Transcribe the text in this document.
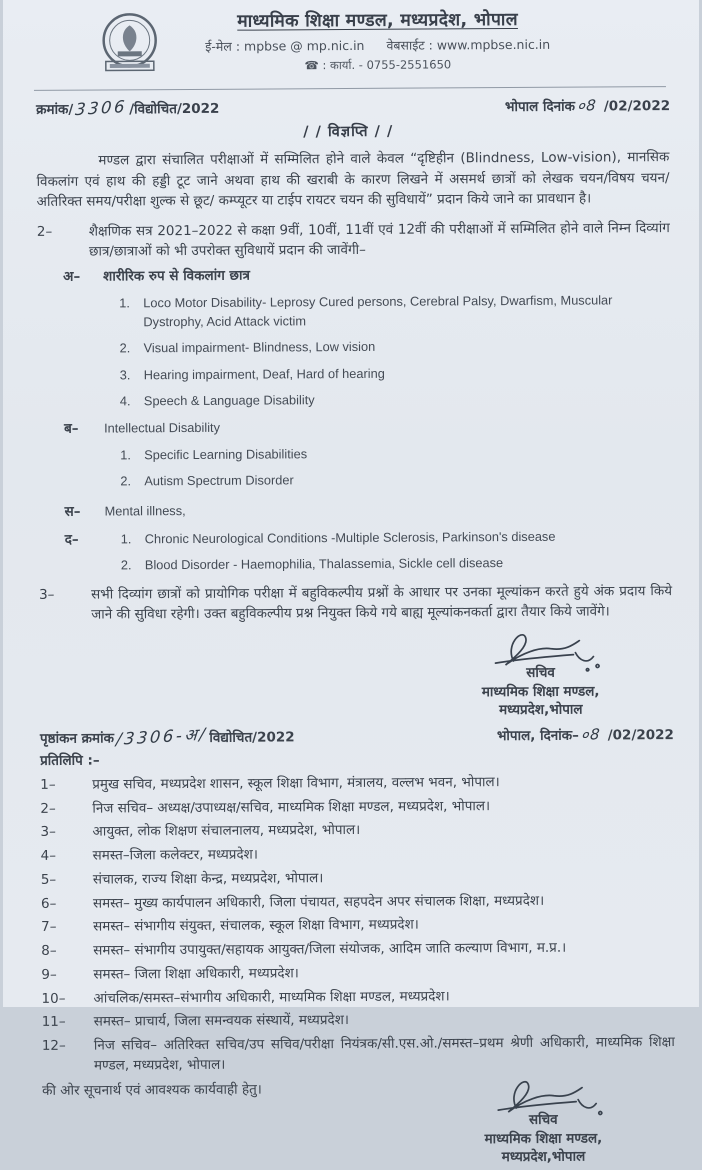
माध्यमिक शिक्षा मण्डल, मध्यप्रदेश, भोपाल
ई-मेल : mpbse @ mp.nic.in वेबसाईट : www.mpbse.nic.in
☎ : कार्या. - 0755-2551650
क्रमांक/3306/विद्योचित/2022	भोपाल दिनांक०8 /02/2022
/ / विज्ञप्ति / /
मण्डल द्वारा संचालित परीक्षाओं में सम्मिलित होने वाले केवल “दृष्टिहीन (Blindness, Low-vision), मानसिक विकलांग एवं हाथ की हड्डी टूट जाने अथवा हाथ की खराबी के कारण लिखने में असमर्थ छात्रों को लेखक चयन/विषय चयन/अतिरिक्त समय/परीक्षा शुल्क से छूट/ कम्प्यूटर या टाईप रायटर चयन की सुविधायें” प्रदान किये जाने का प्रावधान है।
2–	शैक्षणिक सत्र 2021–2022 से कक्षा 9वीं, 10वीं, 11वीं एवं 12वीं की परीक्षाओं में सम्मिलित होने वाले निम्न दिव्यांग छात्र/छात्राओं को भी उपरोक्त सुविधायें प्रदान की जावेंगी–
अ–	शारीरिक रुप से विकलांग छात्र
1.	Loco Motor Disability- Leprosy Cured persons, Cerebral Palsy, Dwarfism, Muscular Dystrophy, Acid Attack victim
2.	Visual impairment- Blindness, Low vision
3.	Hearing impairment, Deaf, Hard of hearing
4.	Speech & Language Disability
ब–	Intellectual Disability
1.	Specific Learning Disabilities
2.	Autism Spectrum Disorder
स–	Mental illness,
द–	1.	Chronic Neurological Conditions -Multiple Sclerosis, Parkinson's disease
2.	Blood Disorder - Haemophilia, Thalassemia, Sickle cell disease
3–	सभी दिव्यांग छात्रों को प्रायोगिक परीक्षा में बहुविकल्पीय प्रश्नों के आधार पर उनका मूल्यांकन करते हुये अंक प्रदाय किये जाने की सुविधा रहेगी। उक्त बहुविकल्पीय प्रश्न नियुक्त किये गये बाह्य मूल्यांकनकर्ता द्वारा तैयार किये जावेंगे।
सचिव
माध्यमिक शिक्षा मण्डल,
मध्यप्रदेश,भोपाल
पृष्ठांकन क्रमांक/3306-अ/विद्योचित/2022	भोपाल, दिनांक–०8 /02/2022
प्रतिलिपि :–
1–	प्रमुख सचिव, मध्यप्रदेश शासन, स्कूल शिक्षा विभाग, मंत्रालय, वल्लभ भवन, भोपाल।
2–	निज सचिव– अध्यक्ष/उपाध्यक्ष/सचिव, माध्यमिक शिक्षा मण्डल, मध्यप्रदेश, भोपाल।
3–	आयुक्त, लोक शिक्षण संचालनालय, मध्यप्रदेश, भोपाल।
4–	समस्त–जिला कलेक्टर, मध्यप्रदेश।
5–	संचालक, राज्य शिक्षा केन्द्र, मध्यप्रदेश, भोपाल।
6–	समस्त– मुख्य कार्यपालन अधिकारी, जिला पंचायत, सहपदेन अपर संचालक शिक्षा, मध्यप्रदेश।
7–	समस्त– संभागीय संयुक्त, संचालक, स्कूल शिक्षा विभाग, मध्यप्रदेश।
8–	समस्त– संभागीय उपायुक्त/सहायक आयुक्त/जिला संयोजक, आदिम जाति कल्याण विभाग, म.प्र.।
9–	समस्त– जिला शिक्षा अधिकारी, मध्यप्रदेश।
10–	आंचलिक/समस्त–संभागीय अधिकारी, माध्यमिक शिक्षा मण्डल, मध्यप्रदेश।
11–	समस्त– प्राचार्य, जिला समन्वयक संस्थायें, मध्यप्रदेश।
12–	निज सचिव– अतिरिक्त सचिव/उप सचिव/परीक्षा नियंत्रक/सी.एस.ओ./समस्त–प्रथम श्रेणी अधिकारी, माध्यमिक शिक्षा मण्डल, मध्यप्रदेश, भोपाल।
की ओर सूचनार्थ एवं आवश्यक कार्यवाही हेतु।
सचिव
माध्यमिक शिक्षा मण्डल,
मध्यप्रदेश,भोपाल
